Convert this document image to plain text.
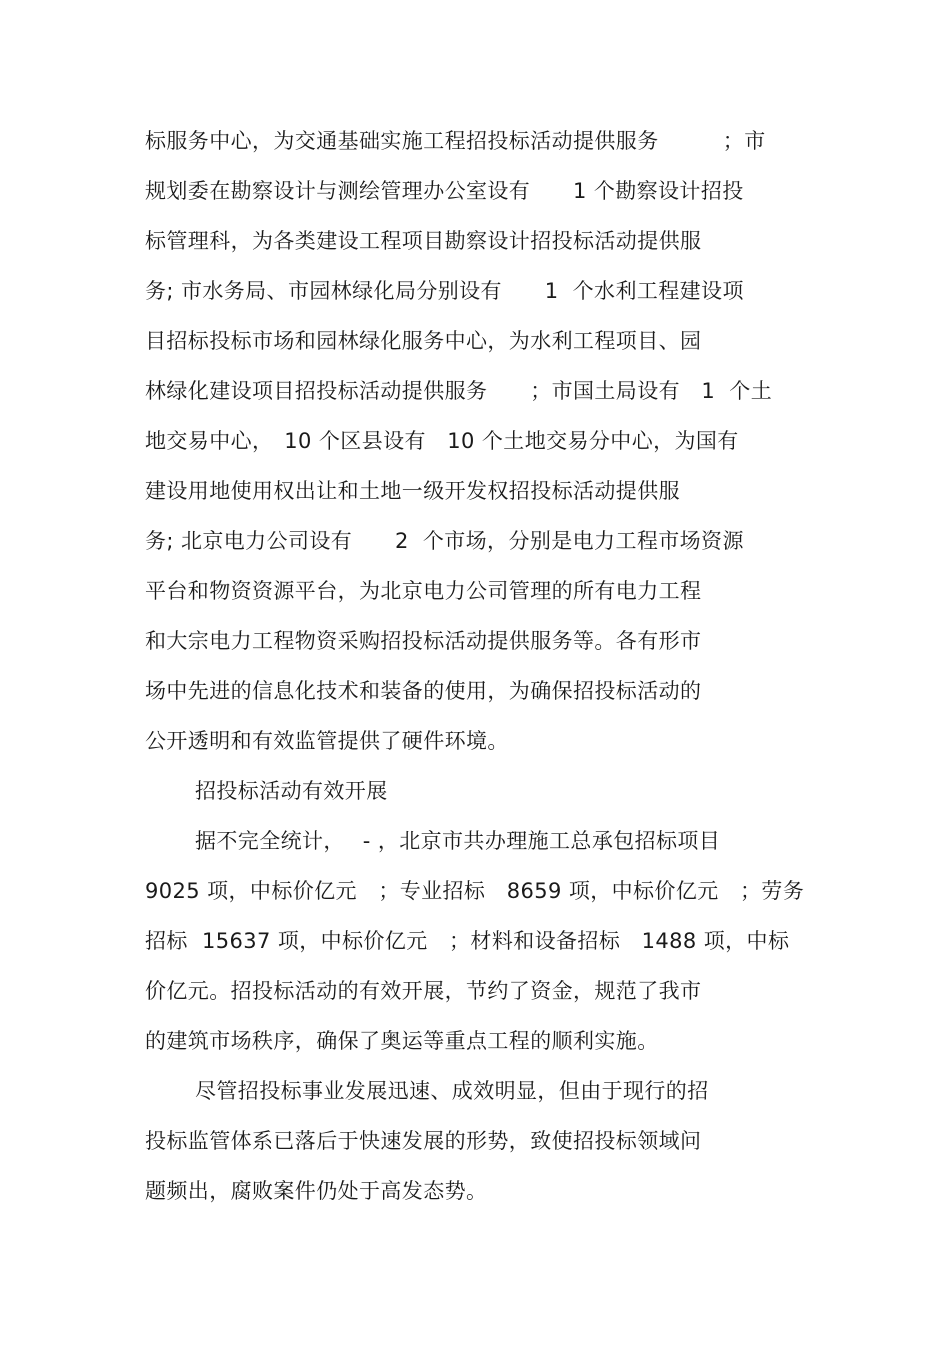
标服务中心，为交通基础实施工程招投标活动提供服务　　　；市
规划委在勘察设计与测绘管理办公室设有　　1 个勘察设计招投
标管理科，为各类建设工程项目勘察设计招投标活动提供服
务; 市水务局、市园林绿化局分别设有　　1  个水利工程建设项
目招标投标市场和园林绿化服务中心，为水利工程项目、园
林绿化建设项目招投标活动提供服务　　；市国土局设有　1  个土
地交易中心，　10 个区县设有　10 个土地交易分中心，为国有
建设用地使用权出让和土地一级开发权招投标活动提供服
务; 北京电力公司设有　　2  个市场，分别是电力工程市场资源
平台和物资资源平台，为北京电力公司管理的所有电力工程
和大宗电力工程物资采购招投标活动提供服务等。各有形市
场中先进的信息化技术和装备的使用，为确保招投标活动的
公开透明和有效监管提供了硬件环境。
招投标活动有效开展
据不完全统计，　 - ，北京市共办理施工总承包招标项目
9025 项，中标价亿元　；专业招标　8659 项，中标价亿元　；劳务
招标  15637 项，中标价亿元　；材料和设备招标　1488 项，中标
价亿元。招投标活动的有效开展，节约了资金，规范了我市
的建筑市场秩序，确保了奥运等重点工程的顺利实施。
尽管招投标事业发展迅速、成效明显，但由于现行的招
投标监管体系已落后于快速发展的形势，致使招投标领域问
题频出，腐败案件仍处于高发态势。
